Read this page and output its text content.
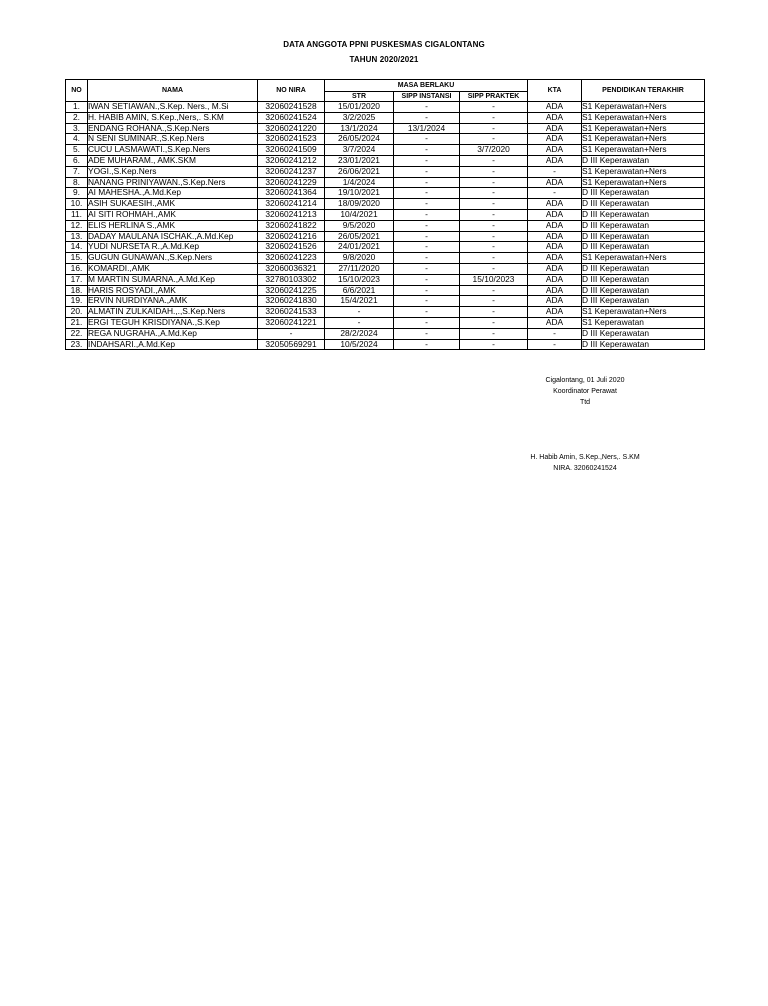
DATA ANGGOTA PPNI PUSKESMAS CIGALONTANG
TAHUN 2020/2021
NO	NAMA	NO NIRA	MASA BERLAKU			KTA	PENDIDIKAN TERAKHIR
			STR	SIPP INSTANSI	SIPP PRAKTEK		
1.	IWAN SETIAWAN.,S.Kep. Ners., M.Si	32060241528	15/01/2020	-	-	ADA	S1 Keperawatan+Ners
2.	H. HABIB AMIN, S.Kep.,Ners,. S.KM	32060241524	3/2/2025	-	-	ADA	S1 Keperawatan+Ners
3.	ENDANG ROHANA.,S.Kep.Ners	32060241220	13/1/2024	13/1/2024	-	ADA	S1 Keperawatan+Ners
4.	N SENI SUMINAR.,S.Kep.Ners	32060241523	26/05/2024	-	-	ADA	S1 Keperawatan+Ners
5.	CUCU LASMAWATI.,S.Kep.Ners	32060241509	3/7/2024	-	3/7/2020	ADA	S1 Keperawatan+Ners
6.	ADE MUHARAM., AMK.SKM	32060241212	23/01/2021	-	-	ADA	D III Keperawatan
7.	YOGI.,S.Kep.Ners	32060241237	26/06/2021	-	-	-	S1 Keperawatan+Ners
8.	NANANG PRINIYAWAN.,S.Kep.Ners	32060241229	1/4/2024	-	-	ADA	S1 Keperawatan+Ners
9.	AI MAHESHA.,A.Md.Kep	32060241364	19/10/2021	-	-	-	D III Keperawatan
10.	ASIH SUKAESIH.,AMK	32060241214	18/09/2020	-	-	ADA	D III Keperawatan
11.	AI SITI ROHMAH.,AMK	32060241213	10/4/2021	-	-	ADA	D III Keperawatan
12.	ELIS HERLINA S.,AMK	32060241822	9/5/2020	-	-	ADA	D III Keperawatan
13.	DADAY MAULANA ISCHAK.,A.Md.Kep	32060241216	26/05/2021	-	-	ADA	D III Keperawatan
14.	YUDI NURSETA R.,A.Md.Kep	32060241526	24/01/2021	-	-	ADA	D III Keperawatan
15.	GUGUN GUNAWAN.,S.Kep.Ners	32060241223	9/8/2020	-	-	ADA	S1 Keperawatan+Ners
16.	KOMARDI.,AMK	32060036321	27/11/2020	-	-	ADA	D III Keperawatan
17.	M MARTIN SUMARNA.,A.Md.Kep	32780103302	15/10/2023	-	15/10/2023	ADA	D III Keperawatan
18.	HARIS ROSYADI.,AMK	32060241225	6/6/2021	-	-	ADA	D III Keperawatan
19.	ERVIN NURDIYANA.,AMK	32060241830	15/4/2021	-	-	ADA	D III Keperawatan
20.	ALMATIN ZULKAIDAH.,.,S.Kep.Ners	32060241533	-	-	-	ADA	S1 Keperawatan+Ners
21.	ERGI TEGUH KRISDIYANA.,S.Kep	32060241221	-	-	-	ADA	S1 Keperawatan
22.	REGA NUGRAHA.,A.Md.Kep	-	28/2/2024	-	-	-	D III Keperawatan
23.	INDAHSARI.,A.Md.Kep	32050569291	10/5/2024	-	-	-	D III Keperawatan
Cigalontang, 01 Juli 2020
Koordinator Perawat
Ttd
H. Habib Amin, S.Kep.,Ners,. S.KM
NIRA. 32060241524
